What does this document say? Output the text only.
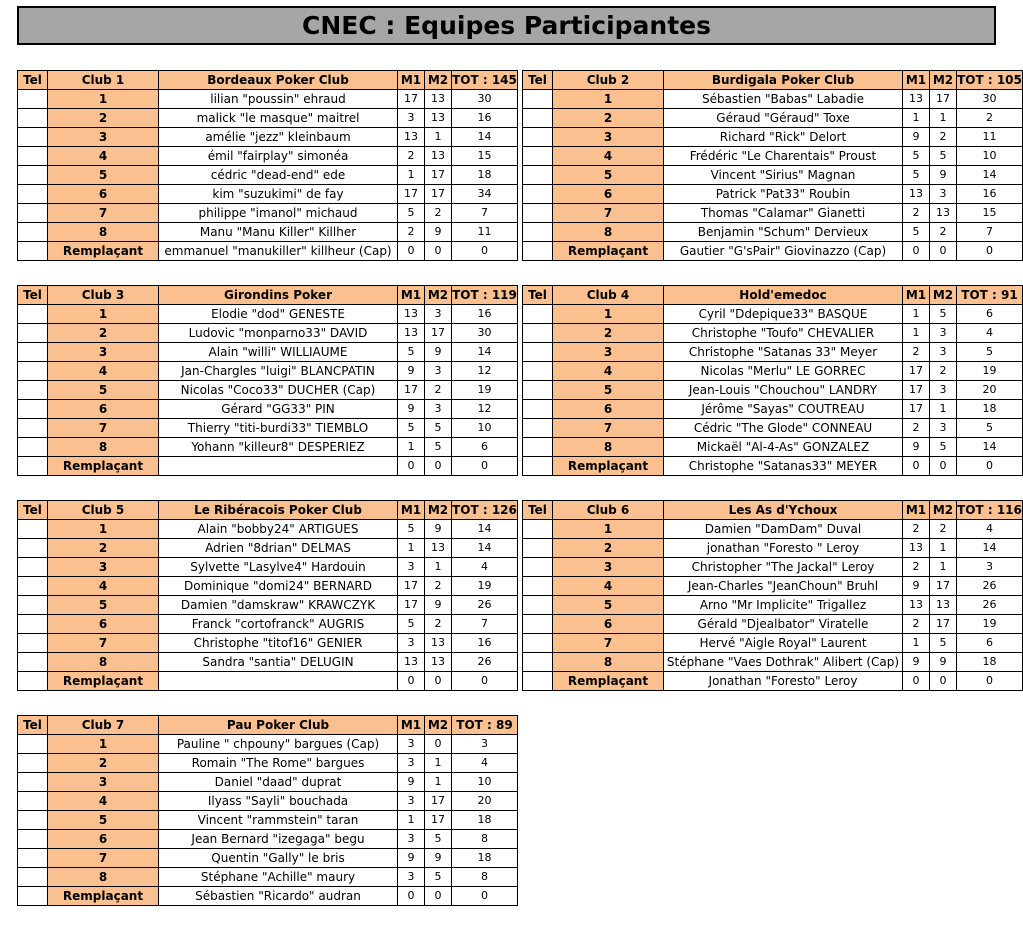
CNEC : Equipes Participantes
Tel	Club 1	Bordeaux Poker Club	M1	M2	TOT : 145
	1	lilian "poussin" ehraud	17	13	30
	2	malick "le masque" maitrel	3	13	16
	3	amélie "jezz" kleinbaum	13	1	14
	4	émil "fairplay" simonéa	2	13	15
	5	cédric "dead-end" ede	1	17	18
	6	kim "suzukimi" de fay	17	17	34
	7	philippe "imanol" michaud	5	2	7
	8	Manu "Manu Killer" Killher	2	9	11
	Remplaçant	emmanuel "manukiller" killheur (Cap)	0	0	0
Tel	Club 2	Burdigala Poker Club	M1	M2	TOT : 105
	1	Sébastien "Babas" Labadie	13	17	30
	2	Géraud "Géraud" Toxe	1	1	2
	3	Richard "Rick" Delort	9	2	11
	4	Frédéric "Le Charentais" Proust	5	5	10
	5	Vincent "Sirius" Magnan	5	9	14
	6	Patrick "Pat33" Roubin	13	3	16
	7	Thomas "Calamar" Gianetti	2	13	15
	8	Benjamin "Schum" Dervieux	5	2	7
	Remplaçant	Gautier "G'sPair" Giovinazzo (Cap)	0	0	0
Tel	Club 3	Girondins Poker	M1	M2	TOT : 119
	1	Elodie "dod" GENESTE	13	3	16
	2	Ludovic "monparno33" DAVID	13	17	30
	3	Alain "willi" WILLIAUME	5	9	14
	4	Jan-Chargles "luigi" BLANCPATIN	9	3	12
	5	Nicolas "Coco33" DUCHER (Cap)	17	2	19
	6	Gérard "GG33" PIN	9	3	12
	7	Thierry "titi-burdi33" TIEMBLO	5	5	10
	8	Yohann "killeur8" DESPERIEZ	1	5	6
	Remplaçant		0	0	0
Tel	Club 4	Hold'emedoc	M1	M2	TOT : 91
	1	Cyril "Ddepique33" BASQUE	1	5	6
	2	Christophe "Toufo" CHEVALIER	1	3	4
	3	Christophe "Satanas 33" Meyer	2	3	5
	4	Nicolas "Merlu" LE GORREC	17	2	19
	5	Jean-Louis "Chouchou" LANDRY	17	3	20
	6	Jérôme "Sayas" COUTREAU	17	1	18
	7	Cédric "The Glode" CONNEAU	2	3	5
	8	Mickaël "Al-4-As" GONZALEZ	9	5	14
	Remplaçant	Christophe "Satanas33" MEYER	0	0	0
Tel	Club 5	Le Ribéracois Poker Club	M1	M2	TOT : 126
	1	Alain "bobby24" ARTIGUES	5	9	14
	2	Adrien "8drian" DELMAS	1	13	14
	3	Sylvette "Lasylve4" Hardouin	3	1	4
	4	Dominique "domi24" BERNARD	17	2	19
	5	Damien "damskraw" KRAWCZYK	17	9	26
	6	Franck "cortofranck" AUGRIS	5	2	7
	7	Christophe "titof16" GENIER	3	13	16
	8	Sandra "santia" DELUGIN	13	13	26
	Remplaçant		0	0	0
Tel	Club 6	Les As d'Ychoux	M1	M2	TOT : 116
	1	Damien "DamDam" Duval	2	2	4
	2	jonathan "Foresto " Leroy	13	1	14
	3	Christopher "The Jackal" Leroy	2	1	3
	4	Jean-Charles "JeanChoun" Bruhl	9	17	26
	5	Arno "Mr Implicite" Trigallez	13	13	26
	6	Gérald "Djealbator" Viratelle	2	17	19
	7	Hervé "Aigle Royal" Laurent	1	5	6
	8	Stéphane "Vaes Dothrak" Alibert (Cap)	9	9	18
	Remplaçant	Jonathan "Foresto" Leroy	0	0	0
Tel	Club 7	Pau Poker Club	M1	M2	TOT : 89
	1	Pauline " chpouny" bargues (Cap)	3	0	3
	2	Romain "The Rome" bargues	3	1	4
	3	Daniel "daad" duprat	9	1	10
	4	Ilyass "Sayli" bouchada	3	17	20
	5	Vincent "rammstein" taran	1	17	18
	6	Jean Bernard "izegaga" begu	3	5	8
	7	Quentin "Gally" le bris	9	9	18
	8	Stéphane "Achille" maury	3	5	8
	Remplaçant	Sébastien "Ricardo" audran	0	0	0
